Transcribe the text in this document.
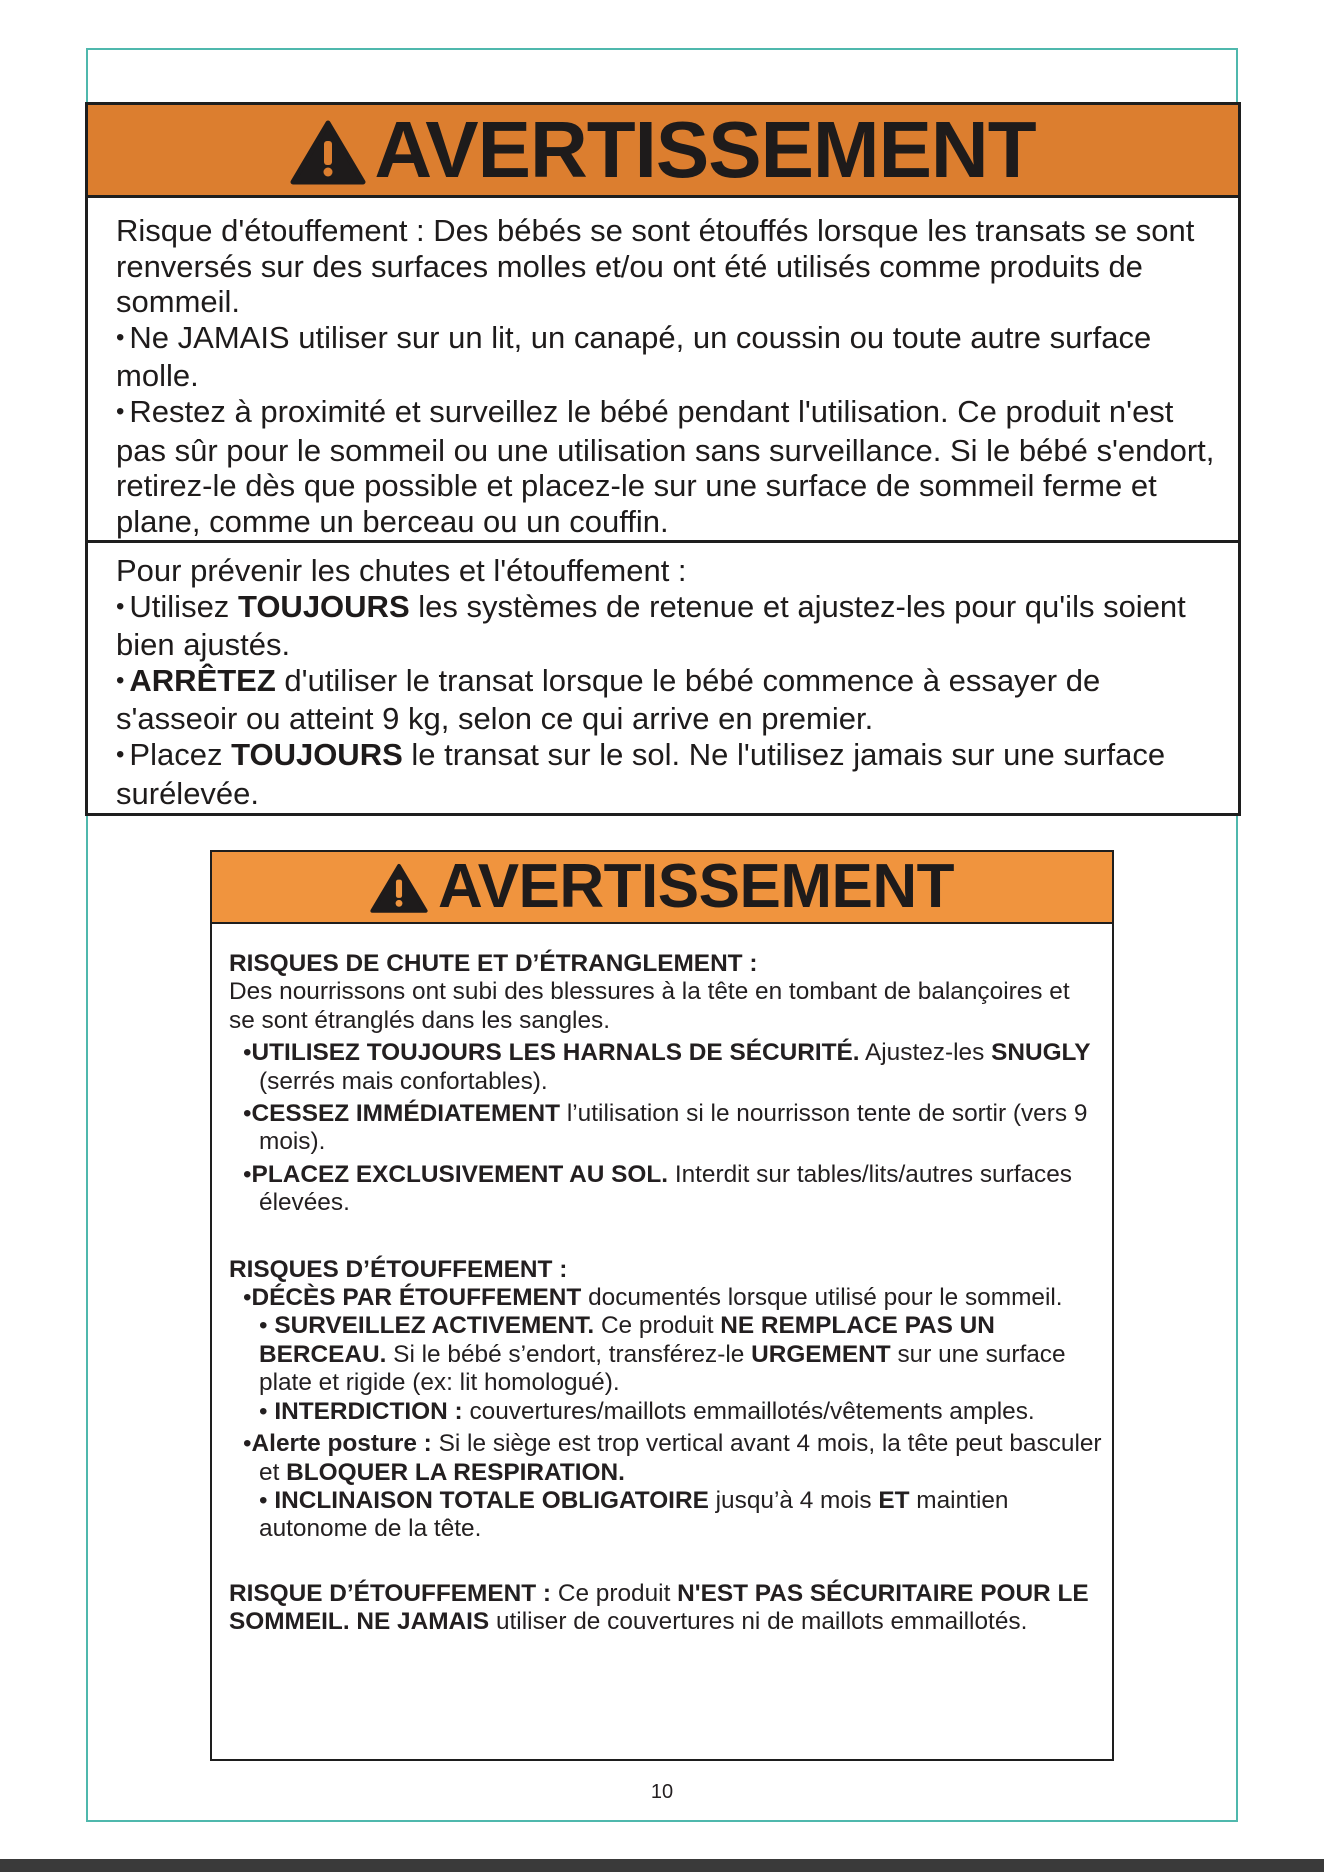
AVERTISSEMENT

Risque d'étouffement : Des bébés se sont étouffés lorsque les transats se sont renversés sur des surfaces molles et/ou ont été utilisés comme produits de sommeil.

• Ne JAMAIS utiliser sur un lit, un canapé, un coussin ou toute autre surface molle.

• Restez à proximité et surveillez le bébé pendant l'utilisation. Ce produit n'est pas sûr pour le sommeil ou une utilisation sans surveillance. Si le bébé s'endort, retirez-le dès que possible et placez-le sur une surface de sommeil ferme et plane, comme un berceau ou un couffin.

Pour prévenir les chutes et l'étouffement :

• Utilisez TOUJOURS les systèmes de retenue et ajustez-les pour qu'ils soient bien ajustés.

• ARRÊTEZ d'utiliser le transat lorsque le bébé commence à essayer de s'asseoir ou atteint 9 kg, selon ce qui arrive en premier.

• Placez TOUJOURS le transat sur le sol. Ne l'utilisez jamais sur une surface surélevée.

AVERTISSEMENT

RISQUES DE CHUTE ET D’ÉTRANGLEMENT :

Des nourrissons ont subi des blessures à la tête en tombant de balançoires et se sont étranglés dans les sangles.

•UTILISEZ TOUJOURS LES HARNALS DE SÉCURITÉ. Ajustez-les SNUGLY (serrés mais confortables).

•CESSEZ IMMÉDIATEMENT l’utilisation si le nourrisson tente de sortir (vers 9 mois).

•PLACEZ EXCLUSIVEMENT AU SOL. Interdit sur tables/lits/autres surfaces élevées.

RISQUES D’ÉTOUFFEMENT :

•DÉCÈS PAR ÉTOUFFEMENT documentés lorsque utilisé pour le sommeil.

• SURVEILLEZ ACTIVEMENT. Ce produit NE REMPLACE PAS UN BERCEAU. Si le bébé s’endort, transférez-le URGEMENT sur une surface plate et rigide (ex: lit homologué).

• INTERDICTION : couvertures/maillots emmaillotés/vêtements amples.

•Alerte posture : Si le siège est trop vertical avant 4 mois, la tête peut basculer et BLOQUER LA RESPIRATION.

• INCLINAISON TOTALE OBLIGATOIRE jusqu’à 4 mois ET maintien autonome de la tête.

RISQUE D’ÉTOUFFEMENT : Ce produit N'EST PAS SÉCURITAIRE POUR LE SOMMEIL. NE JAMAIS utiliser de couvertures ni de maillots emmaillotés.

10
